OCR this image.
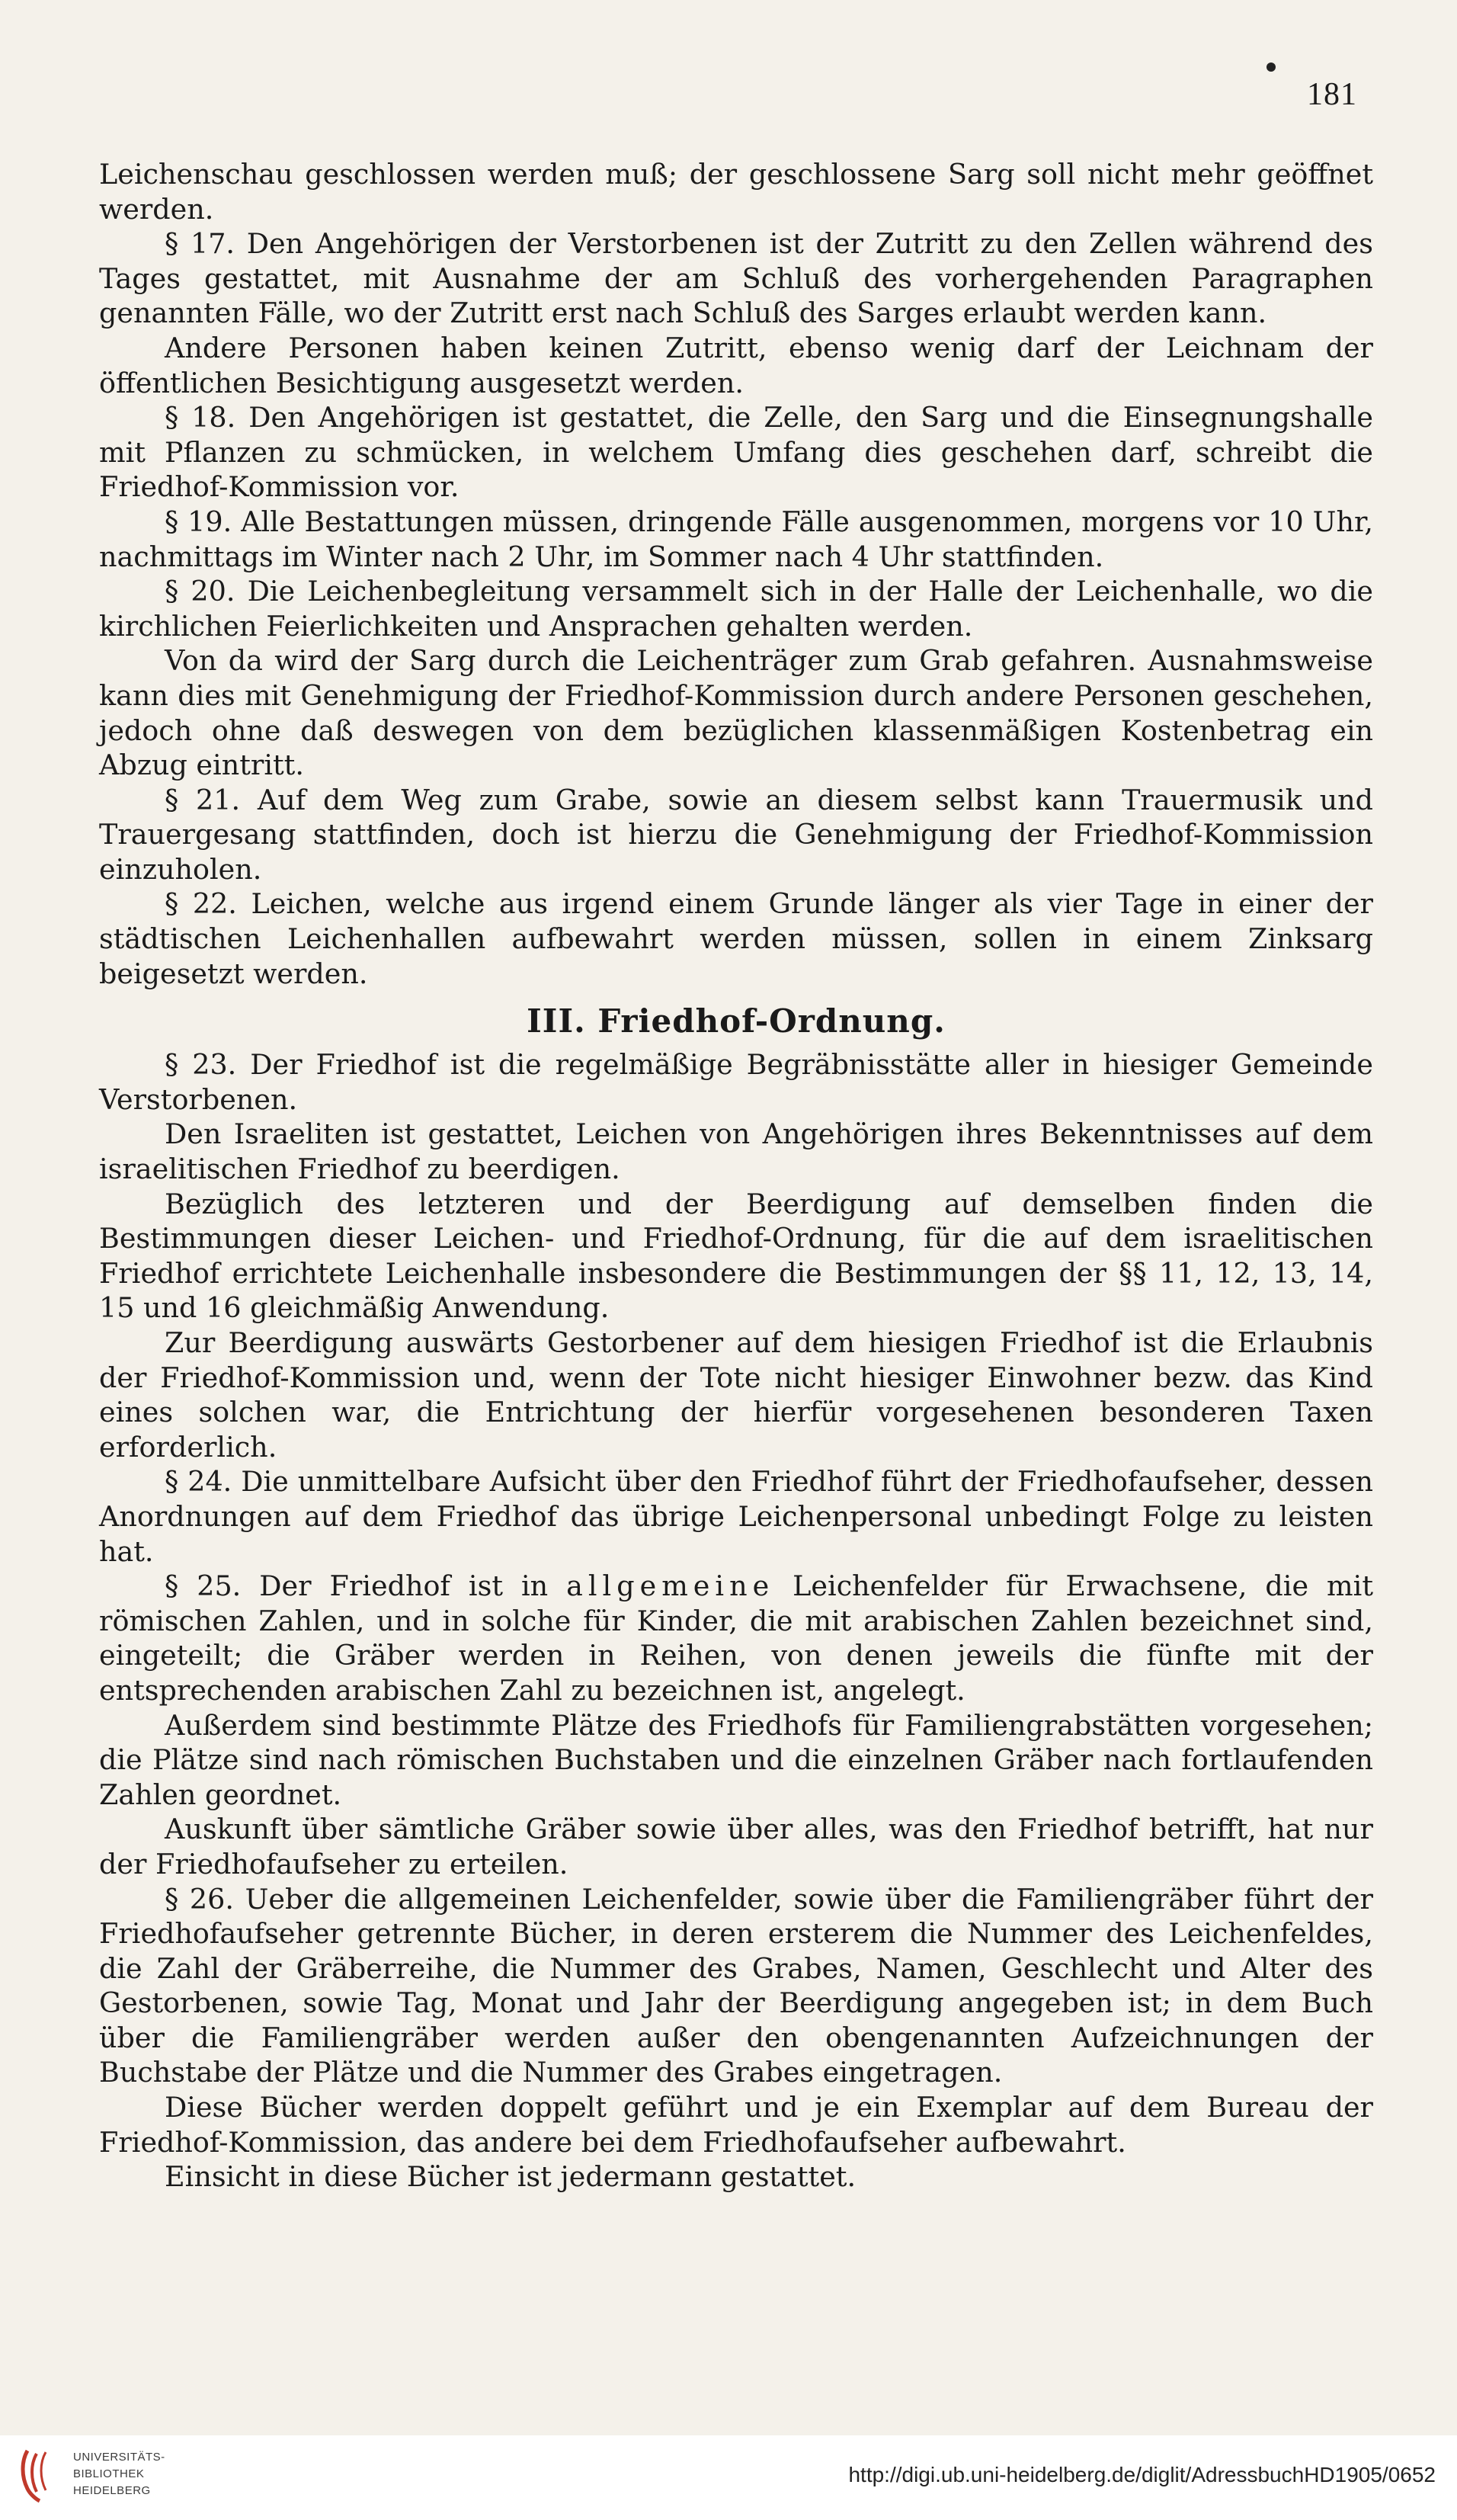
181

Leichenschau geschlossen werden muß; der geschlossene Sarg soll nicht mehr geöffnet werden.

§ 17. Den Angehörigen der Verstorbenen ist der Zutritt zu den Zellen während des Tages gestattet, mit Ausnahme der am Schluß des vorhergehenden Paragraphen genannten Fälle, wo der Zutritt erst nach Schluß des Sarges erlaubt werden kann.

Andere Personen haben keinen Zutritt, ebenso wenig darf der Leichnam der öffentlichen Besichtigung ausgesetzt werden.

§ 18. Den Angehörigen ist gestattet, die Zelle, den Sarg und die Einsegnungshalle mit Pflanzen zu schmücken, in welchem Umfang dies geschehen darf, schreibt die Friedhof-Kommission vor.

§ 19. Alle Bestattungen müssen, dringende Fälle ausgenommen, morgens vor 10 Uhr, nachmittags im Winter nach 2 Uhr, im Sommer nach 4 Uhr stattfinden.

§ 20. Die Leichenbegleitung versammelt sich in der Halle der Leichenhalle, wo die kirchlichen Feierlichkeiten und Ansprachen gehalten werden.

Von da wird der Sarg durch die Leichenträger zum Grab gefahren. Ausnahmsweise kann dies mit Genehmigung der Friedhof-Kommission durch andere Personen geschehen, jedoch ohne daß deswegen von dem bezüglichen klassenmäßigen Kostenbetrag ein Abzug eintritt.

§ 21. Auf dem Weg zum Grabe, sowie an diesem selbst kann Trauermusik und Trauergesang stattfinden, doch ist hierzu die Genehmigung der Friedhof-Kommission einzuholen.

§ 22. Leichen, welche aus irgend einem Grunde länger als vier Tage in einer der städtischen Leichenhallen aufbewahrt werden müssen, sollen in einem Zinksarg beigesetzt werden.

III. Friedhof-Ordnung.

§ 23. Der Friedhof ist die regelmäßige Begräbnisstätte aller in hiesiger Gemeinde Verstorbenen.

Den Israeliten ist gestattet, Leichen von Angehörigen ihres Bekenntnisses auf dem israelitischen Friedhof zu beerdigen.

Bezüglich des letzteren und der Beerdigung auf demselben finden die Bestimmungen dieser Leichen- und Friedhof-Ordnung, für die auf dem israelitischen Friedhof errichtete Leichenhalle insbesondere die Bestimmungen der §§ 11, 12, 13, 14, 15 und 16 gleichmäßig Anwendung.

Zur Beerdigung auswärts Gestorbener auf dem hiesigen Friedhof ist die Erlaubnis der Friedhof-Kommission und, wenn der Tote nicht hiesiger Einwohner bezw. das Kind eines solchen war, die Entrichtung der hierfür vorgesehenen besonderen Taxen erforderlich.

§ 24. Die unmittelbare Aufsicht über den Friedhof führt der Friedhofaufseher, dessen Anordnungen auf dem Friedhof das übrige Leichenpersonal unbedingt Folge zu leisten hat.

§ 25. Der Friedhof ist in allgemeine Leichenfelder für Erwachsene, die mit römischen Zahlen, und in solche für Kinder, die mit arabischen Zahlen bezeichnet sind, eingeteilt; die Gräber werden in Reihen, von denen jeweils die fünfte mit der entsprechenden arabischen Zahl zu bezeichnen ist, angelegt.

Außerdem sind bestimmte Plätze des Friedhofs für Familiengrabstätten vorgesehen; die Plätze sind nach römischen Buchstaben und die einzelnen Gräber nach fortlaufenden Zahlen geordnet.

Auskunft über sämtliche Gräber sowie über alles, was den Friedhof betrifft, hat nur der Friedhofaufseher zu erteilen.

§ 26. Ueber die allgemeinen Leichenfelder, sowie über die Familiengräber führt der Friedhofaufseher getrennte Bücher, in deren ersterem die Nummer des Leichenfeldes, die Zahl der Gräberreihe, die Nummer des Grabes, Namen, Geschlecht und Alter des Gestorbenen, sowie Tag, Monat und Jahr der Beerdigung angegeben ist; in dem Buch über die Familiengräber werden außer den obengenannten Aufzeichnungen der Buchstabe der Plätze und die Nummer des Grabes eingetragen.

Diese Bücher werden doppelt geführt und je ein Exemplar auf dem Bureau der Friedhof-Kommission, das andere bei dem Friedhofaufseher aufbewahrt.

Einsicht in diese Bücher ist jedermann gestattet.

UNIVERSITÄTS-
BIBLIOTHEK
HEIDELBERG
http://digi.ub.uni-heidelberg.de/diglit/AdressbuchHD1905/0652
